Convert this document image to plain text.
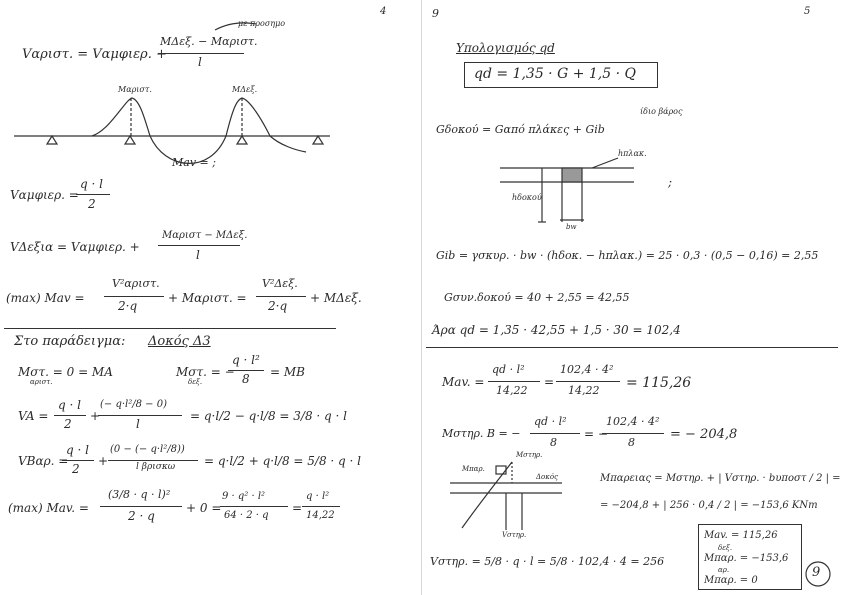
4
με προσημο
Vαριστ. = Vαμφιερ. +
MΔεξ. − Mαριστ.
l
Mαριστ.	MΔεξ.
Mav = ;
Vαμφιερ. =
q · l
2
VΔεξια = Vαμφιερ. +
Mαριστ − MΔεξ.
l
(max) Mav =
V²αριστ.
2·q
+ Mαριστ. =
V²Δεξ.
2·q
+ MΔεξ.
Στο παράδειγμα: Δοκός Δ3
Mστ. = 0 = MA
αριστ.
Mστ. = −
δεξ.
q · l²
8 = MB
VA =
q · l
2
+
(− q·l²/8 − 0)
l
= q·l/2 − q·l/8 = 3/8 · q · l
VBαρ. =
q · l
2
+
(0 − (− q·l²/8))
l βρισκω = q·l/2 + q·l/8 = 5/8 · q · l
(max) Mav. =
(3/8 · q · l)²
2 · q
+ 0 =
9 · q² · l²
64 · 2 · q
=
q · l²
14,22
9	5
Υπολογισμός qd
qd = 1,35 · G + 1,5 · Q
Gδοκού = Gαπό πλάκες + Gib
ίδιο βάρος
hπλακ.
hδοκού
bw
;
Gib = γσκυρ. · bw · (hδοκ. − hπλακ.) = 25 · 0,3 · (0,5 − 0,16) = 2,55
Gσυν.δοκού = 40 + 2,55 = 42,55
Άρα qd = 1,35 · 42,55 + 1,5 · 30 = 102,4
Mav. =
qd · l²
14,22
=
102,4 · 4²
14,22 = 115,26
Mστηρ. B = −
qd · l²
8
= −
102,4 · 4²
8
= − 204,8
Mστηρ.
Mπαρ.
Δοκός
Vστηρ.
Mπαρειας = Mστηρ. + | Vστηρ. · bυποστ / 2 | =
= −204,8 + | 256 · 0,4 / 2 | = −153,6 KNm
Vστηρ. = 5/8 · q · l = 5/8 · 102,4 · 4 = 256
Mav. = 115,26
δεξ.
Mπαρ. = −153,6
αρ.
Mπαρ. = 0
9
